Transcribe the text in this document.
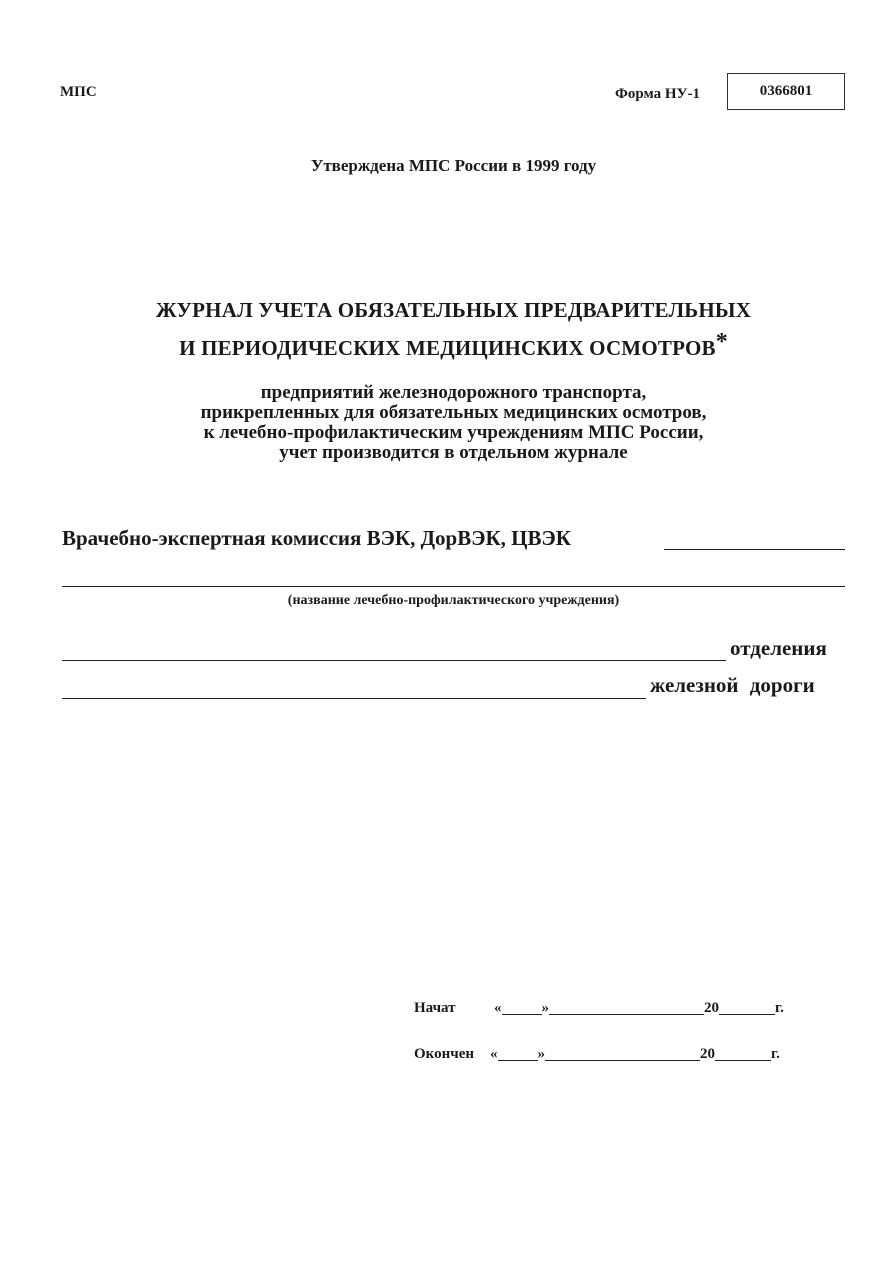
МПС	Форма НУ-1	0366801
Утверждена МПС России в 1999 году
ЖУРНАЛ УЧЕТА ОБЯЗАТЕЛЬНЫХ ПРЕДВАРИТЕЛЬНЫХ
И ПЕРИОДИЧЕСКИХ МЕДИЦИНСКИХ ОСМОТРОВ*
предприятий железнодорожного транспорта,
прикрепленных для обязательных медицинских осмотров,
к лечебно-профилактическим учреждениям МПС России,
учет производится в отдельном журнале
Врачебно-экспертная комиссия ВЭК, ДорВЭК, ЦВЭК
(название лечебно-профилактического учреждения)
отделения
железной дороги
Начат	«	»	20	г.
Окончен	«	»	20	г.
